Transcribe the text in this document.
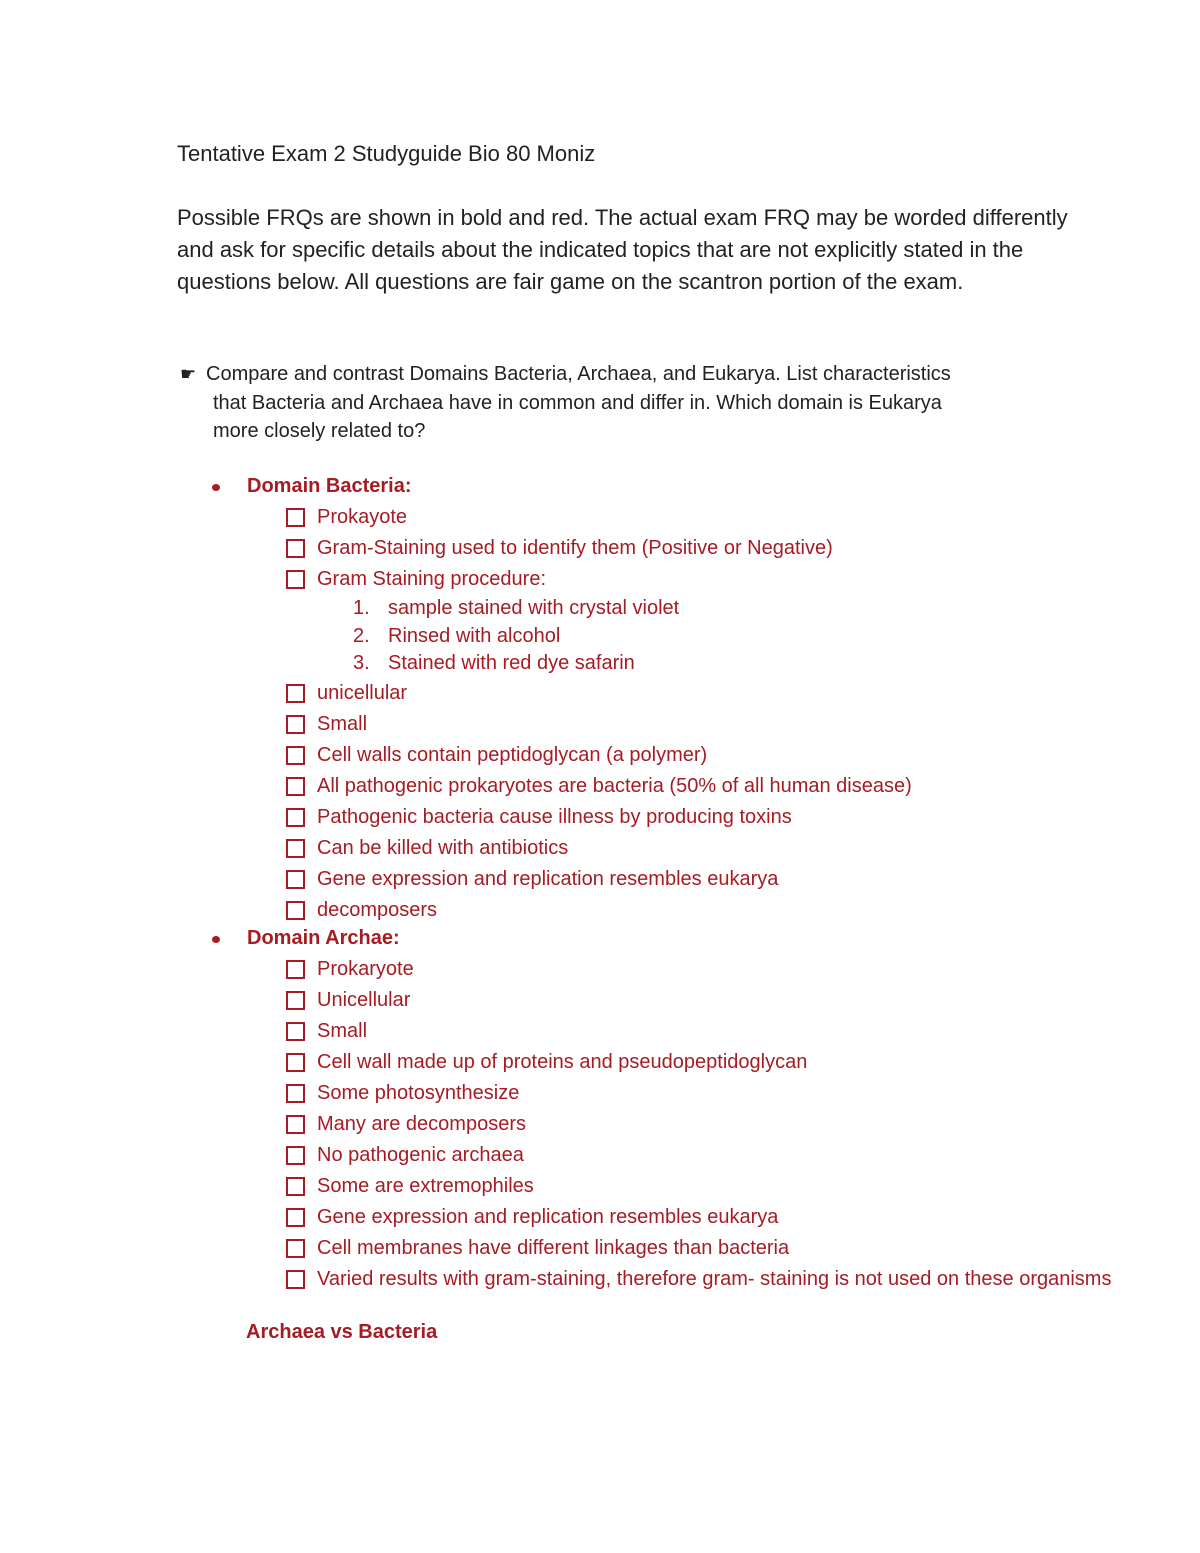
Tentative Exam 2 Studyguide Bio 80 Moniz
Possible FRQs are shown in bold and red. The actual exam FRQ may be worded differently and ask for specific details about the indicated topics that are not explicitly stated in the questions below. All questions are fair game on the scantron portion of the exam.
☛ Compare and contrast Domains Bacteria, Archaea, and Eukarya. List characteristics
that Bacteria and Archaea have in common and differ in. Which domain is Eukarya
more closely related to?
Domain Bacteria:
Prokayote
Gram-Staining used to identify them (Positive or Negative)
Gram Staining procedure:
1. sample stained with crystal violet
2. Rinsed with alcohol
3. Stained with red dye safarin
unicellular
Small
Cell walls contain peptidoglycan (a polymer)
All pathogenic prokaryotes are bacteria (50% of all human disease)
Pathogenic bacteria cause illness by producing toxins
Can be killed with antibiotics
Gene expression and replication resembles eukarya
decomposers
Domain Archae:
Prokaryote
Unicellular
Small
Cell wall made up of proteins and pseudopeptidoglycan
Some photosynthesize
Many are decomposers
No pathogenic archaea
Some are extremophiles
Gene expression and replication resembles eukarya
Cell membranes have different linkages than bacteria
Varied results with gram-staining, therefore gram- staining is not used on these organisms
Archaea vs Bacteria
